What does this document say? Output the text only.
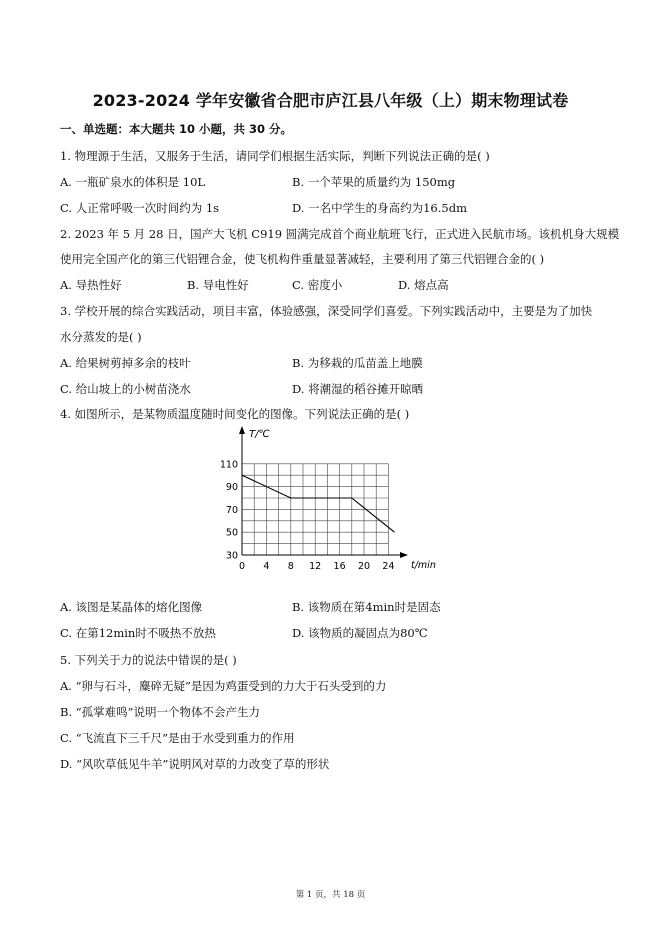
2023-2024 学年安徽省合肥市庐江县八年级（上）期末物理试卷
一、单选题：本大题共 10 小题，共 30 分。
1. 物理源于生活，又服务于生活，请同学们根据生活实际，判断下列说法正确的是( )
A. 一瓶矿泉水的体积是 10L	B. 一个苹果的质量约为 150mg
C. 人正常呼吸一次时间约为 1s	D. 一名中学生的身高约为16.5dm
2. 2023 年 5 月 28 日，国产大飞机 C919 圆满完成首个商业航班飞行，正式进入民航市场。该机机身大规模
使用完全国产化的第三代铝锂合金，使飞机构件重量显著减轻，主要利用了第三代铝锂合金的( )
A. 导热性好	B. 导电性好	C. 密度小	D. 熔点高
3. 学校开展的综合实践活动，项目丰富，体验感强，深受同学们喜爱。下列实践活动中，主要是为了加快
水分蒸发的是( )
A. 给果树剪掉多余的枝叶	B. 为移栽的瓜苗盖上地膜
C. 给山坡上的小树苗浇水	D. 将潮湿的稻谷摊开晾晒
4. 如图所示，是某物质温度随时间变化的图像。下列说法正确的是( )
T/℃
t/min
0 4 8 12 16 20 24
30
50
70
90
110
A. 该图是某晶体的熔化图像	B. 该物质在第4min时是固态
C. 在第12min时不吸热不放热	D. 该物质的凝固点为80℃
5. 下列关于力的说法中错误的是( )
A. “卵与石斗，麋碎无疑”是因为鸡蛋受到的力大于石头受到的力
B. “孤掌难鸣”说明一个物体不会产生力
C. “飞流直下三千尺”是由于水受到重力的作用
D. “风吹草低见牛羊”说明风对草的力改变了草的形状
第 1 页，共 18 页
